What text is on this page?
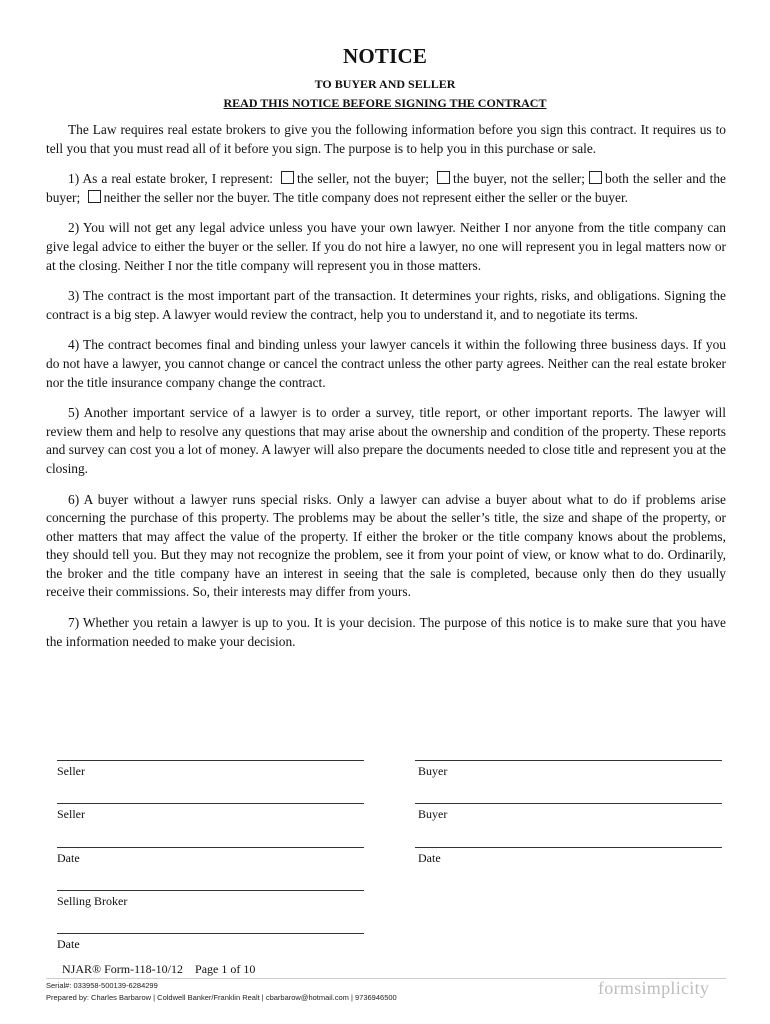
NOTICE
TO BUYER AND SELLER
READ THIS NOTICE BEFORE SIGNING THE CONTRACT

The Law requires real estate brokers to give you the following information before you sign this contract. It requires us to tell you that you must read all of it before you sign. The purpose is to help you in this purchase or sale.

1) As a real estate broker, I represent: the seller, not the buyer; the buyer, not the seller; both the seller and the buyer; neither the seller nor the buyer. The title company does not represent either the seller or the buyer.

2) You will not get any legal advice unless you have your own lawyer. Neither I nor anyone from the title company can give legal advice to either the buyer or the seller. If you do not hire a lawyer, no one will represent you in legal matters now or at the closing. Neither I nor the title company will represent you in those matters.

3) The contract is the most important part of the transaction. It determines your rights, risks, and obligations. Signing the contract is a big step. A lawyer would review the contract, help you to understand it, and to negotiate its terms.

4) The contract becomes final and binding unless your lawyer cancels it within the following three business days. If you do not have a lawyer, you cannot change or cancel the contract unless the other party agrees. Neither can the real estate broker nor the title insurance company change the contract.

5) Another important service of a lawyer is to order a survey, title report, or other important reports. The lawyer will review them and help to resolve any questions that may arise about the ownership and condition of the property. These reports and survey can cost you a lot of money. A lawyer will also prepare the documents needed to close title and represent you at the closing.

6) A buyer without a lawyer runs special risks. Only a lawyer can advise a buyer about what to do if problems arise concerning the purchase of this property. The problems may be about the seller’s title, the size and shape of the property, or other matters that may affect the value of the property. If either the broker or the title company knows about the problems, they should tell you. But they may not recognize the problem, see it from your point of view, or know what to do. Ordinarily, the broker and the title company have an interest in seeing that the sale is completed, because only then do they usually receive their commissions. So, their interests may differ from yours.

7) Whether you retain a lawyer is up to you. It is your decision. The purpose of this notice is to make sure that you have the information needed to make your decision.

Seller	Buyer
Seller	Buyer
Date	Date
Selling Broker
Date
NJAR® Form-118-10/12 Page 1 of 10
Serial#: 033958-500139-6284299
Prepared by: Charles Barbarow | Coldwell Banker/Franklin Realt | cbarbarow@hotmail.com | 9736946500	formsimplicity
